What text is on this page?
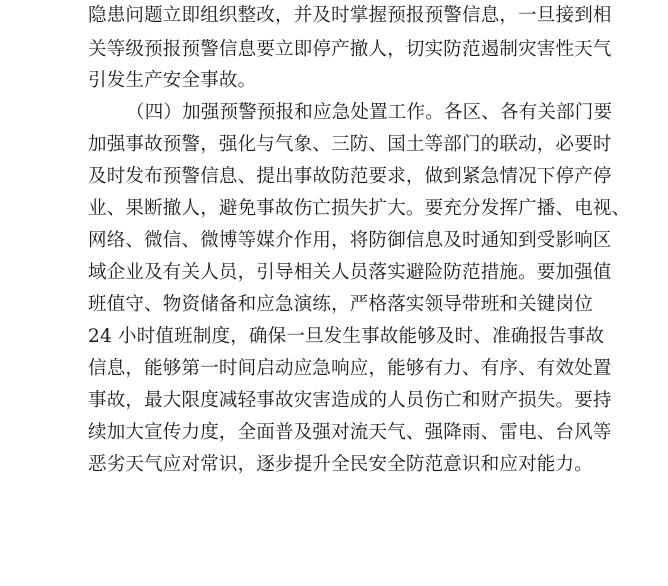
隐患问题立即组织整改，并及时掌握预报预警信息，一旦接到相
关等级预报预警信息要立即停产撤人，切实防范遏制灾害性天气
引发生产安全事故。
（四）加强预警预报和应急处置工作。各区、各有关部门要
加强事故预警，强化与气象、三防、国土等部门的联动，必要时
及时发布预警信息、提出事故防范要求，做到紧急情况下停产停
业、果断撤人，避免事故伤亡损失扩大。要充分发挥广播、电视、
网络、微信、微博等媒介作用，将防御信息及时通知到受影响区
域企业及有关人员，引导相关人员落实避险防范措施。要加强值
班值守、物资储备和应急演练，严格落实领导带班和关键岗位
24 小时值班制度，确保一旦发生事故能够及时、准确报告事故
信息，能够第一时间启动应急响应，能够有力、有序、有效处置
事故，最大限度减轻事故灾害造成的人员伤亡和财产损失。要持
续加大宣传力度，全面普及强对流天气、强降雨、雷电、台风等
恶劣天气应对常识，逐步提升全民安全防范意识和应对能力。
